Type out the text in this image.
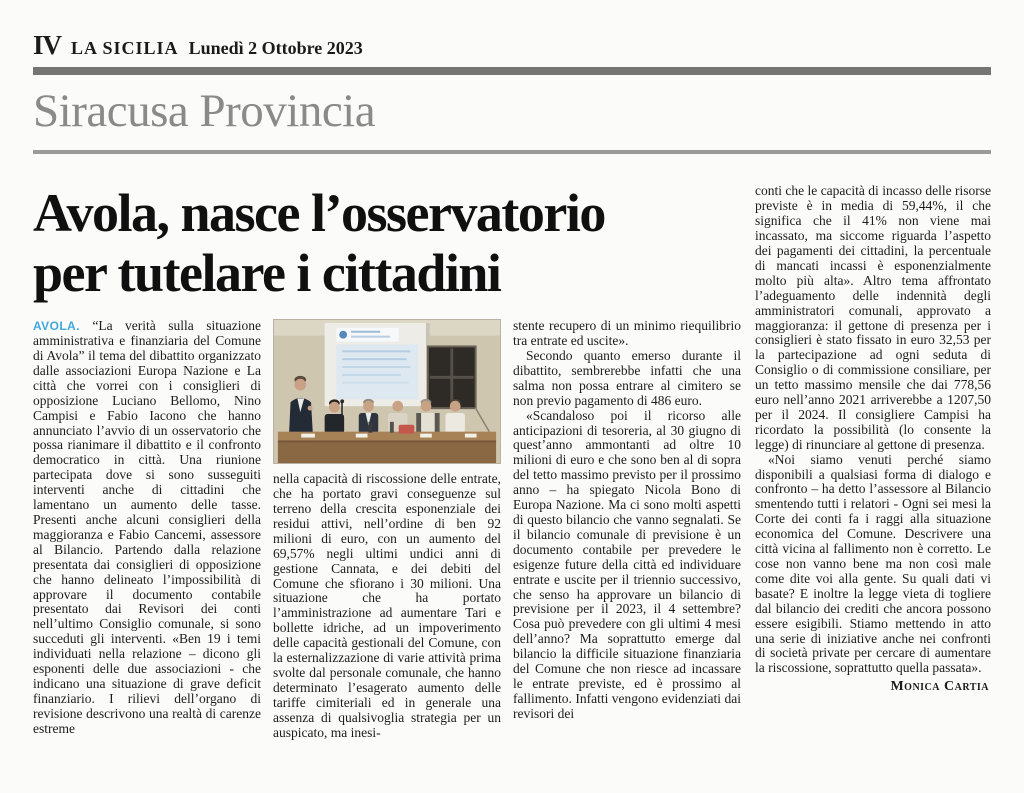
IV LA SICILIA Lunedì 2 Ottobre 2023
Siracusa Provincia
Avola, nasce l’osservatorio
per tutelare i cittadini

AVOLA. “La verità sulla situazione amministrativa e finanziaria del Comune di Avola” il tema del dibattito organizzato dalle associazioni Europa Nazione e La città che vorrei con i consiglieri di opposizione Luciano Bellomo, Nino Campisi e Fabio Iacono che hanno annunciato l’avvio di un osservatorio che possa rianimare il dibattito e il confronto democratico in città. Una riunione partecipata dove si sono susseguiti interventi anche di cittadini che lamentano un aumento delle tasse. Presenti anche alcuni consiglieri della maggioranza e Fabio Cancemi, assessore al Bilancio. Partendo dalla relazione presentata dai consiglieri di opposizione che hanno delineato l’impossibilità di approvare il documento contabile presentato dai Revisori dei conti nell’ultimo Consiglio comunale, si sono succeduti gli interventi. «Ben 19 i temi individuati nella relazione – dicono gli esponenti delle due associazioni - che indicano una situazione di grave deficit finanziario. I rilievi dell’organo di revisione descrivono una realtà di carenze estreme

nella capacità di riscossione delle entrate, che ha portato gravi conseguenze sul terreno della crescita esponenziale dei residui attivi, nell’ordine di ben 92 milioni di euro, con un aumento del 69,57% negli ultimi undici anni di gestione Cannata, e dei debiti del Comune che sfiorano i 30 milioni. Una situazione che ha portato l’amministrazione ad aumentare Tari e bollette idriche, ad un impoverimento delle capacità gestionali del Comune, con la esternalizzazione di varie attività prima svolte dal personale comunale, che hanno determinato l’esagerato aumento delle tariffe cimiteriali ed in generale una assenza di qualsivoglia strategia per un auspicato, ma inesi-

stente recupero di un minimo riequilibrio tra entrate ed uscite».

Secondo quanto emerso durante il dibattito, sembrerebbe infatti che una salma non possa entrare al cimitero se non previo pagamento di 486 euro.

«Scandaloso poi il ricorso alle anticipazioni di tesoreria, al 30 giugno di quest’anno ammontanti ad oltre 10 milioni di euro e che sono ben al di sopra del tetto massimo previsto per il prossimo anno – ha spiegato Nicola Bono di Europa Nazione. Ma ci sono molti aspetti di questo bilancio che vanno segnalati. Se il bilancio comunale di previsione è un documento contabile per prevedere le esigenze future della città ed individuare entrate e uscite per il triennio successivo, che senso ha approvare un bilancio di previsione per il 2023, il 4 settembre? Cosa può prevedere con gli ultimi 4 mesi dell’anno? Ma soprattutto emerge dal bilancio la difficile situazione finanziaria del Comune che non riesce ad incassare le entrate previste, ed è prossimo al fallimento. Infatti vengono evidenziati dai revisori dei

conti che le capacità di incasso delle risorse previste è in media di 59,44%, il che significa che il 41% non viene mai incassato, ma siccome riguarda l’aspetto dei pagamenti dei cittadini, la percentuale di mancati incassi è esponenzialmente molto più alta». Altro tema affrontato l’adeguamento delle indennità degli amministratori comunali, approvato a maggioranza: il gettone di presenza per i consiglieri è stato fissato in euro 32,53 per la partecipazione ad ogni seduta di Consiglio o di commissione consiliare, per un tetto massimo mensile che dai 778,56 euro nell’anno 2021 arriverebbe a 1207,50 per il 2024. Il consigliere Campisi ha ricordato la possibilità (lo consente la legge) di rinunciare al gettone di presenza.

«Noi siamo venuti perché siamo disponibili a qualsiasi forma di dialogo e confronto – ha detto l’assessore al Bilancio smentendo tutti i relatori - Ogni sei mesi la Corte dei conti fa i raggi alla situazione economica del Comune. Descrivere una città vicina al fallimento non è corretto. Le cose non vanno bene ma non così male come dite voi alla gente. Su quali dati vi basate? E inoltre la legge vieta di togliere dal bilancio dei crediti che ancora possono essere esigibili. Stiamo mettendo in atto una serie di iniziative anche nei confronti di società private per cercare di aumentare la riscossione, soprattutto quella passata».

Monica Cartia
